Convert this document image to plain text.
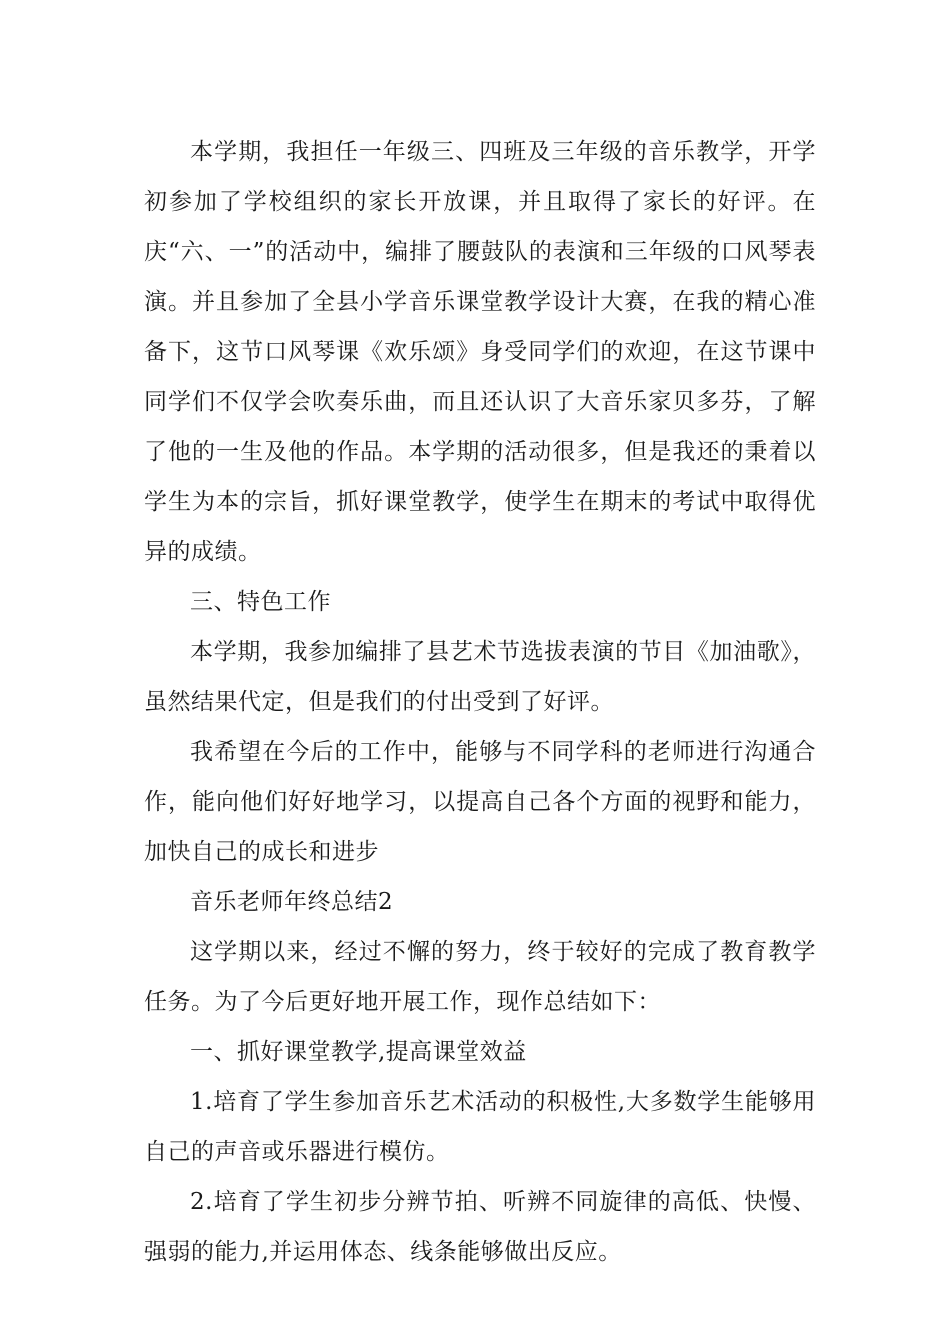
本学期，我担任一年级三、四班及三年级的音乐教学，开学初参加了学校组织的家长开放课，并且取得了家长的好评。在庆“六、一”的活动中，编排了腰鼓队的表演和三年级的口风琴表演。并且参加了全县小学音乐课堂教学设计大赛，在我的精心准备下，这节口风琴课《欢乐颂》身受同学们的欢迎，在这节课中同学们不仅学会吹奏乐曲，而且还认识了大音乐家贝多芬，了解了他的一生及他的作品。本学期的活动很多，但是我还的秉着以学生为本的宗旨，抓好课堂教学，使学生在期末的考试中取得优异的成绩。

三、特色工作

本学期，我参加编排了县艺术节选拔表演的节目《加油歌》，虽然结果代定，但是我们的付出受到了好评。

我希望在今后的工作中，能够与不同学科的老师进行沟通合作，能向他们好好地学习，以提高自己各个方面的视野和能力，加快自己的成长和进步

音乐老师年终总结2

这学期以来，经过不懈的努力，终于较好的完成了教育教学任务。为了今后更好地开展工作，现作总结如下：

一、抓好课堂教学,提高课堂效益

1.培育了学生参加音乐艺术活动的积极性,大多数学生能够用自己的声音或乐器进行模仿。

2.培育了学生初步分辨节拍、听辨不同旋律的高低、快慢、强弱的能力,并运用体态、线条能够做出反应。
